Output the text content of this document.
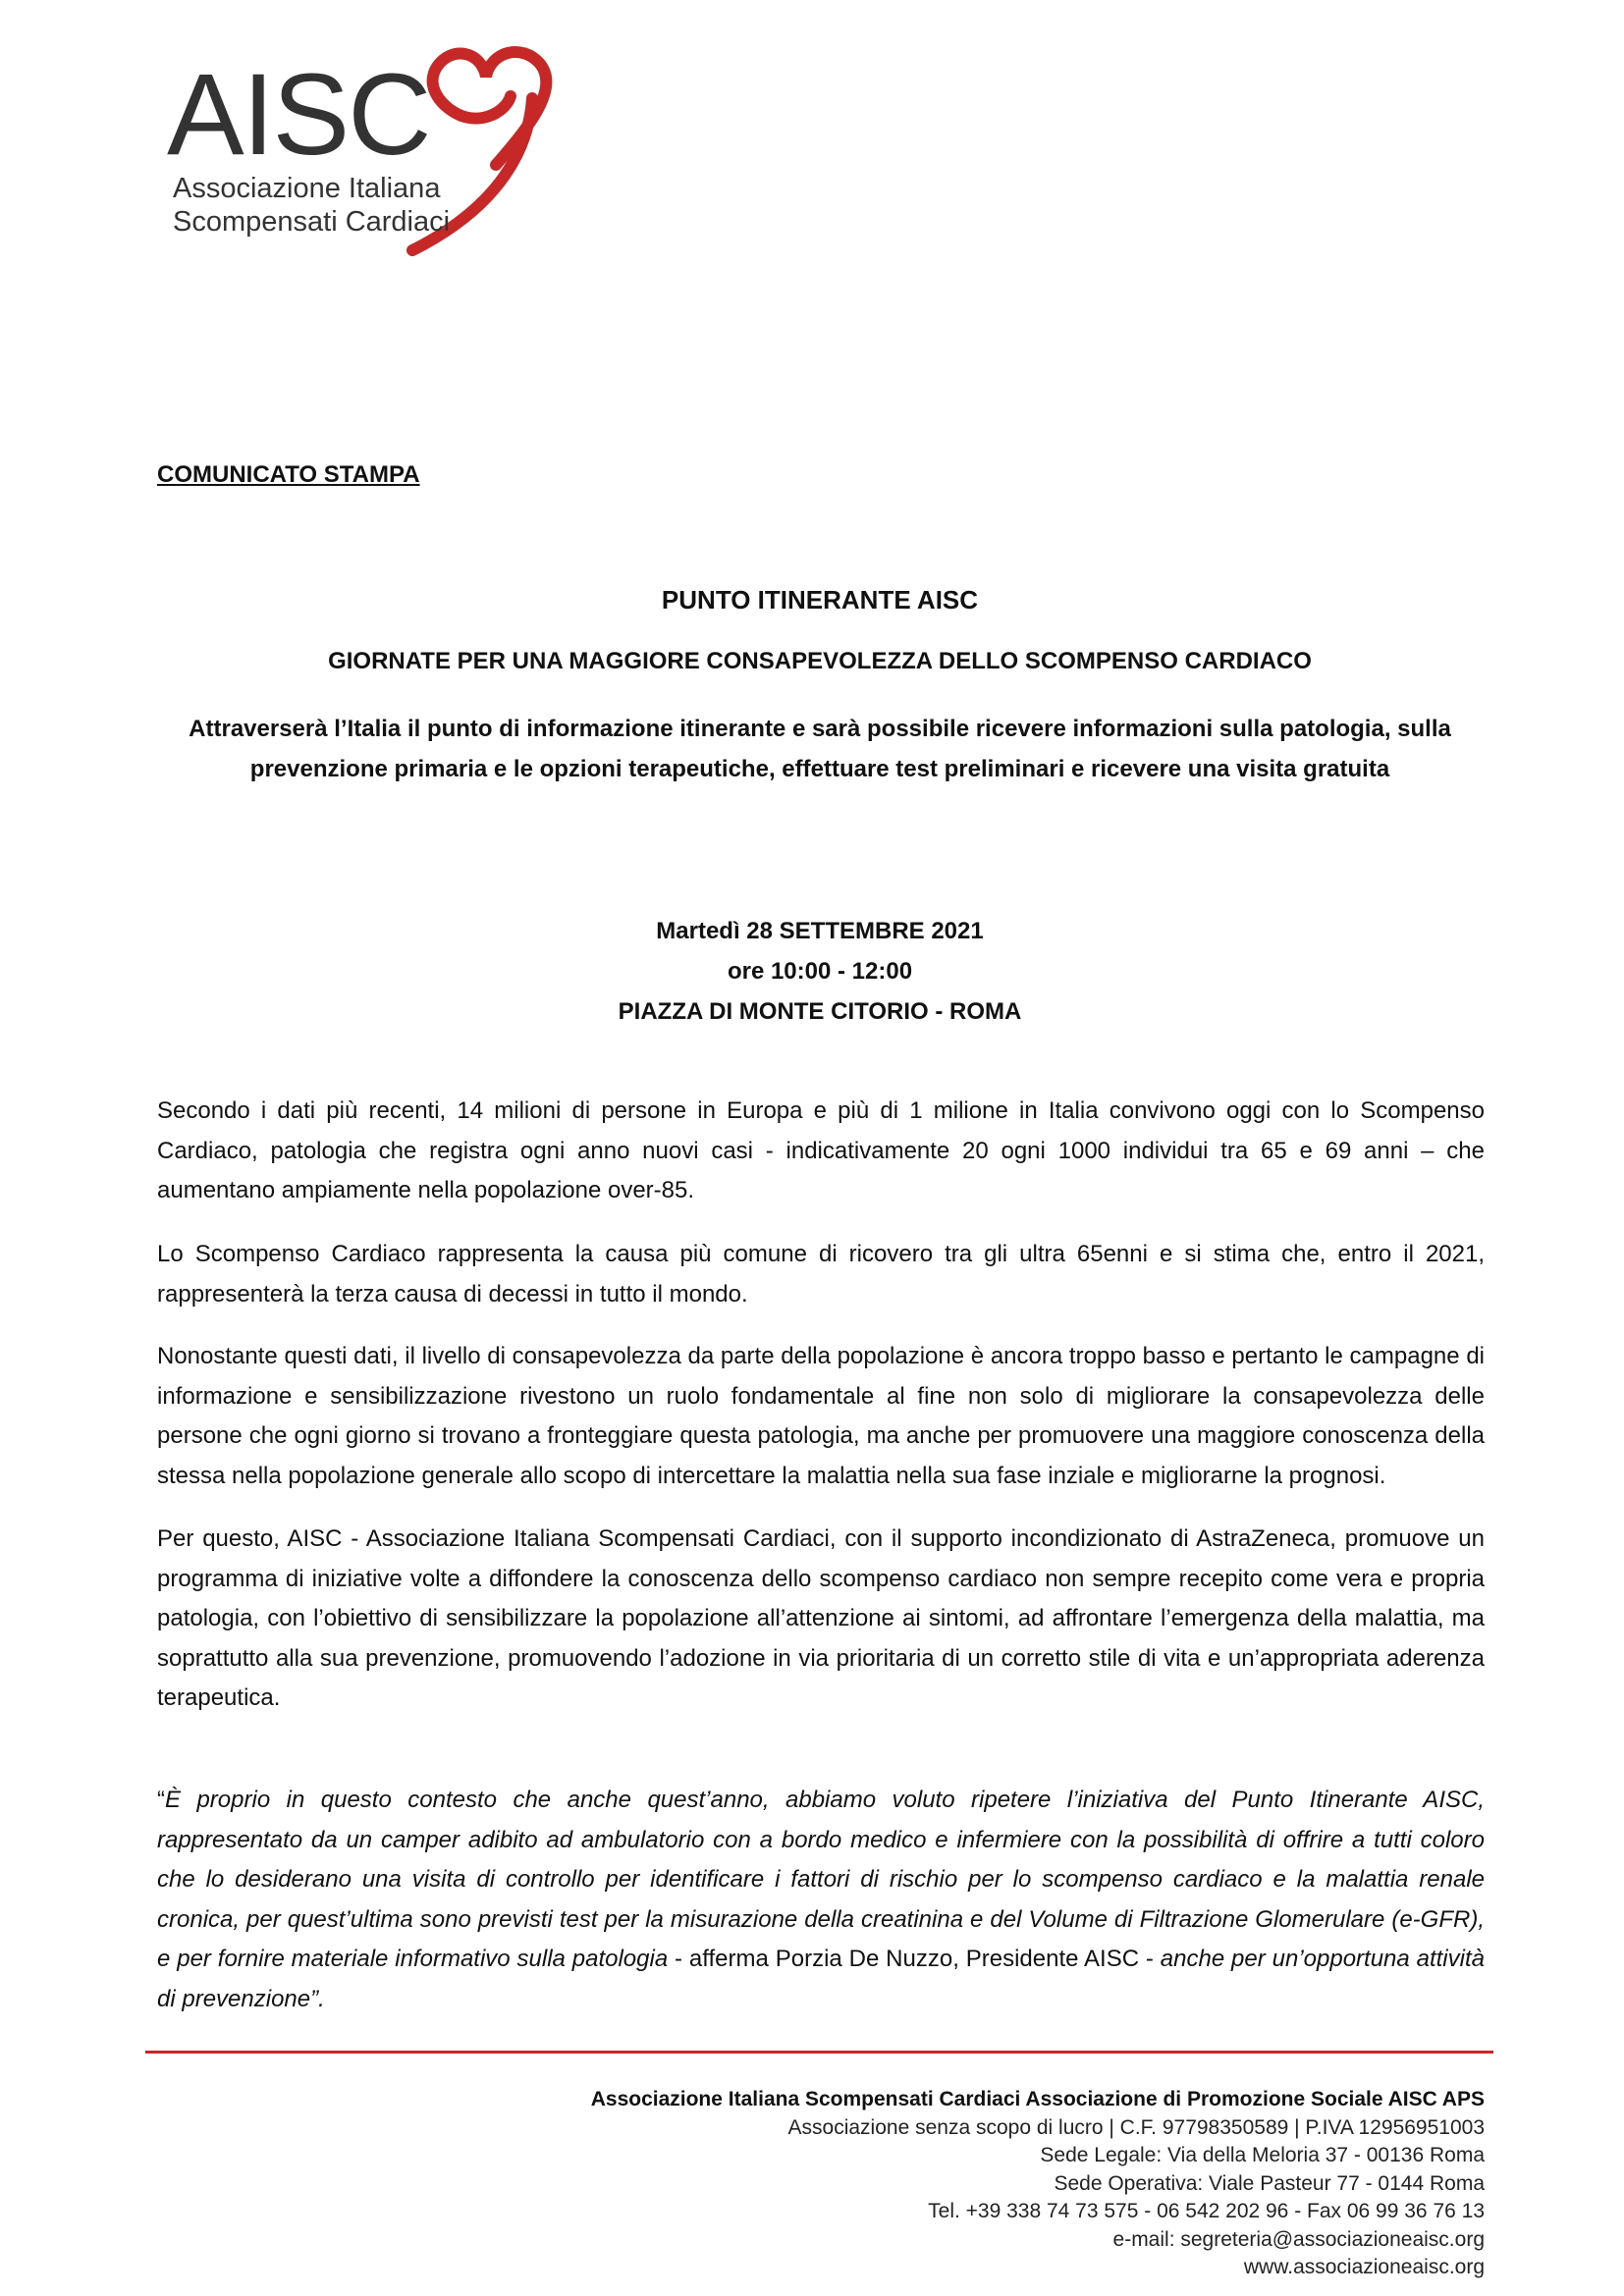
AISC
Associazione Italiana
Scompensati Cardiaci
COMUNICATO STAMPA
PUNTO ITINERANTE AISC
GIORNATE PER UNA MAGGIORE CONSAPEVOLEZZA DELLO SCOMPENSO CARDIACO
Attraverserà l’Italia il punto di informazione itinerante e sarà possibile ricevere informazioni sulla patologia, sulla prevenzione primaria e le opzioni terapeutiche, effettuare test preliminari e ricevere una visita gratuita
Martedì 28 SETTEMBRE 2021
ore 10:00 - 12:00
PIAZZA DI MONTE CITORIO - ROMA
Secondo i dati più recenti, 14 milioni di persone in Europa e più di 1 milione in Italia convivono oggi con lo Scompenso Cardiaco, patologia che registra ogni anno nuovi casi - indicativamente 20 ogni 1000 individui tra 65 e 69 anni – che aumentano ampiamente nella popolazione over-85.
Lo Scompenso Cardiaco rappresenta la causa più comune di ricovero tra gli ultra 65enni e si stima che, entro il 2021, rappresenterà la terza causa di decessi in tutto il mondo.
Nonostante questi dati, il livello di consapevolezza da parte della popolazione è ancora troppo basso e pertanto le campagne di informazione e sensibilizzazione rivestono un ruolo fondamentale al fine non solo di migliorare la consapevolezza delle persone che ogni giorno si trovano a fronteggiare questa patologia, ma anche per promuovere una maggiore conoscenza della stessa nella popolazione generale allo scopo di intercettare la malattia nella sua fase inziale e migliorarne la prognosi.
Per questo, AISC - Associazione Italiana Scompensati Cardiaci, con il supporto incondizionato di AstraZeneca, promuove un programma di iniziative volte a diffondere la conoscenza dello scompenso cardiaco non sempre recepito come vera e propria patologia, con l’obiettivo di sensibilizzare la popolazione all’attenzione ai sintomi, ad affrontare l’emergenza della malattia, ma soprattutto alla sua prevenzione, promuovendo l’adozione in via prioritaria di un corretto stile di vita e un’appropriata aderenza terapeutica.
“È proprio in questo contesto che anche quest’anno, abbiamo voluto ripetere l’iniziativa del Punto Itinerante AISC, rappresentato da un camper adibito ad ambulatorio con a bordo medico e infermiere con la possibilità di offrire a tutti coloro che lo desiderano una visita di controllo per identificare i fattori di rischio per lo scompenso cardiaco e la malattia renale cronica, per quest’ultima sono previsti test per la misurazione della creatinina e del Volume di Filtrazione Glomerulare (e-GFR), e per fornire materiale informativo sulla patologia - afferma Porzia De Nuzzo, Presidente AISC - anche per un’opportuna attività di prevenzione”.
Associazione Italiana Scompensati Cardiaci Associazione di Promozione Sociale AISC APS
Associazione senza scopo di lucro | C.F. 97798350589 | P.IVA 12956951003
Sede Legale: Via della Meloria 37 - 00136 Roma
Sede Operativa: Viale Pasteur 77 - 0144 Roma
Tel. +39 338 74 73 575 - 06 542 202 96 - Fax 06 99 36 76 13
e-mail: segreteria@associazioneaisc.org
www.associazioneaisc.org
